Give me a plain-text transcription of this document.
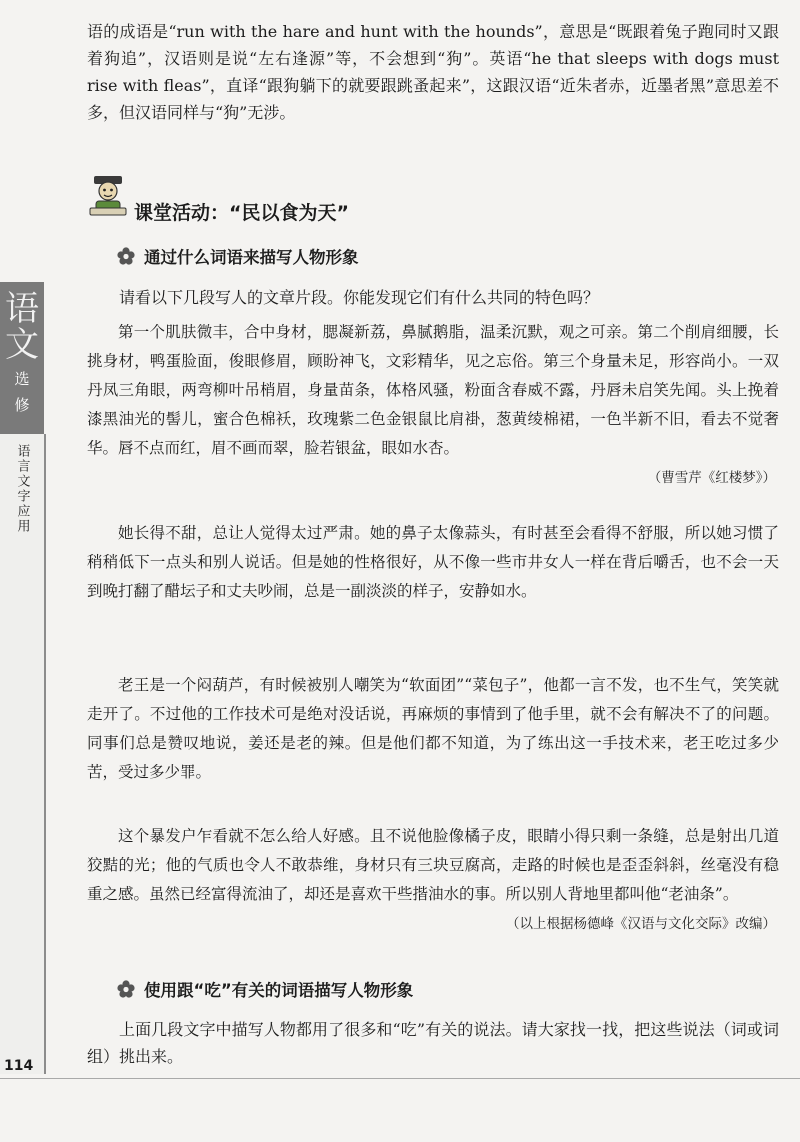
语
文
选
修
语言文字应用
114
语的成语是“run with the hare and hunt with the hounds”，意思是“既跟着兔子跑同时又跟着狗追”，汉语则是说“左右逢源”等，不会想到“狗”。英语“he that sleeps with dogs must rise with fleas”，直译“跟狗躺下的就要跟跳蚤起来”，这跟汉语“近朱者赤，近墨者黑”意思差不多，但汉语同样与“狗”无涉。
课堂活动：“民以食为天”
通过什么词语来描写人物形象
请看以下几段写人的文章片段。你能发现它们有什么共同的特色吗？
第一个肌肤微丰，合中身材，腮凝新荔，鼻腻鹅脂，温柔沉默，观之可亲。第二个削肩细腰，长挑身材，鸭蛋脸面，俊眼修眉，顾盼神飞，文彩精华，见之忘俗。第三个身量未足，形容尚小。一双丹凤三角眼，两弯柳叶吊梢眉，身量苗条，体格风骚，粉面含春威不露，丹唇未启笑先闻。头上挽着漆黑油光的髻儿，蜜合色棉袄，玫瑰紫二色金银鼠比肩褂，葱黄绫棉裙，一色半新不旧，看去不觉奢华。唇不点而红，眉不画而翠，脸若银盆，眼如水杏。
（曹雪芹《红楼梦》）
她长得不甜，总让人觉得太过严肃。她的鼻子太像蒜头，有时甚至会看得不舒服，所以她习惯了稍稍低下一点头和别人说话。但是她的性格很好，从不像一些市井女人一样在背后嚼舌，也不会一天到晚打翻了醋坛子和丈夫吵闹，总是一副淡淡的样子，安静如水。
老王是一个闷葫芦，有时候被别人嘲笑为“软面团”“菜包子”，他都一言不发，也不生气，笑笑就走开了。不过他的工作技术可是绝对没话说，再麻烦的事情到了他手里，就不会有解决不了的问题。同事们总是赞叹地说，姜还是老的辣。但是他们都不知道，为了练出这一手技术来，老王吃过多少苦，受过多少罪。
这个暴发户乍看就不怎么给人好感。且不说他脸像橘子皮，眼睛小得只剩一条缝，总是射出几道狡黠的光；他的气质也令人不敢恭维，身材只有三块豆腐高，走路的时候也是歪歪斜斜，丝毫没有稳重之感。虽然已经富得流油了，却还是喜欢干些揩油水的事。所以别人背地里都叫他“老油条”。
（以上根据杨德峰《汉语与文化交际》改编）
使用跟“吃”有关的词语描写人物形象
上面几段文字中描写人物都用了很多和“吃”有关的说法。请大家找一找，把这些说法（词或词组）挑出来。
